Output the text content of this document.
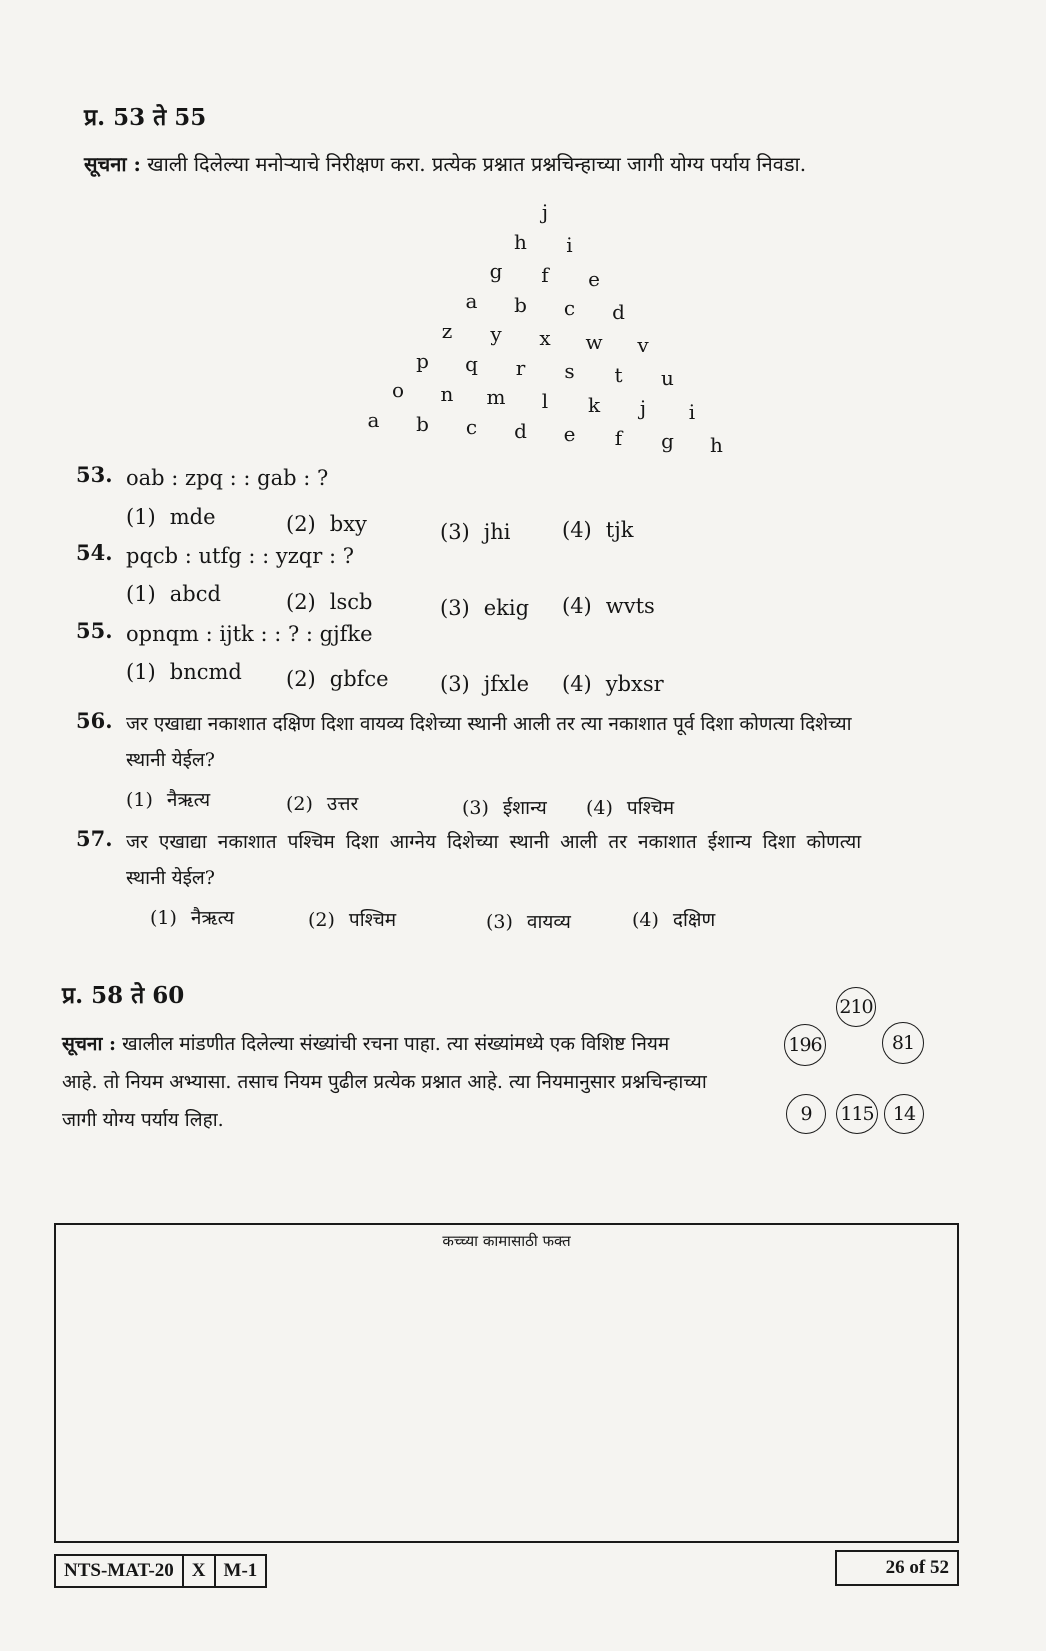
प्र. 53 ते 55
सूचना : खाली दिलेल्या मनोऱ्याचे निरीक्षण करा. प्रत्येक प्रश्नात प्रश्नचिन्हाच्या जागी योग्य पर्याय निवडा.
j
h i
g f e
a b c d
z y x w v
p q r s t u
o n m l k j i
a b c d e f g h
53. oab : zpq : : gab : ?
(1) mde	(2) bxy	(3) jhi (4) tjk
54. pqcb : utfg : : yzqr : ?
(1) abcd	(2) lscb	(3) ekig (4) wvts
55. opnqm : ijtk : : ? : gjfke
(1) bncmd (2) gbfce (3) jfxle (4) ybxsr
56. जर एखाद्या नकाशात दक्षिण दिशा वायव्य दिशेच्या स्थानी आली तर त्या नकाशात पूर्व दिशा कोणत्या दिशेच्या
स्थानी येईल?
(1) नैऋत्य	(2) उत्तर	(3) ईशान्य (4) पश्चिम
57. जर एखाद्या नकाशात पश्चिम दिशा आग्नेय दिशेच्या स्थानी आली तर नकाशात ईशान्य दिशा कोणत्या
स्थानी येईल?
(1) नैऋत्य	(2) पश्चिम	(3) वायव्य	(4) दक्षिण
प्र. 58 ते 60
सूचना : खालील मांडणीत दिलेल्या संख्यांची रचना पाहा. त्या संख्यांमध्ये एक विशिष्ट नियम
आहे. तो नियम अभ्यासा. तसाच नियम पुढील प्रत्येक प्रश्नात आहे. त्या नियमानुसार प्रश्नचिन्हाच्या
जागी योग्य पर्याय लिहा.
210
196	81
9	115	14
कच्च्या कामासाठी फक्त
NTS-MAT-20 X M-1	26 of 52
